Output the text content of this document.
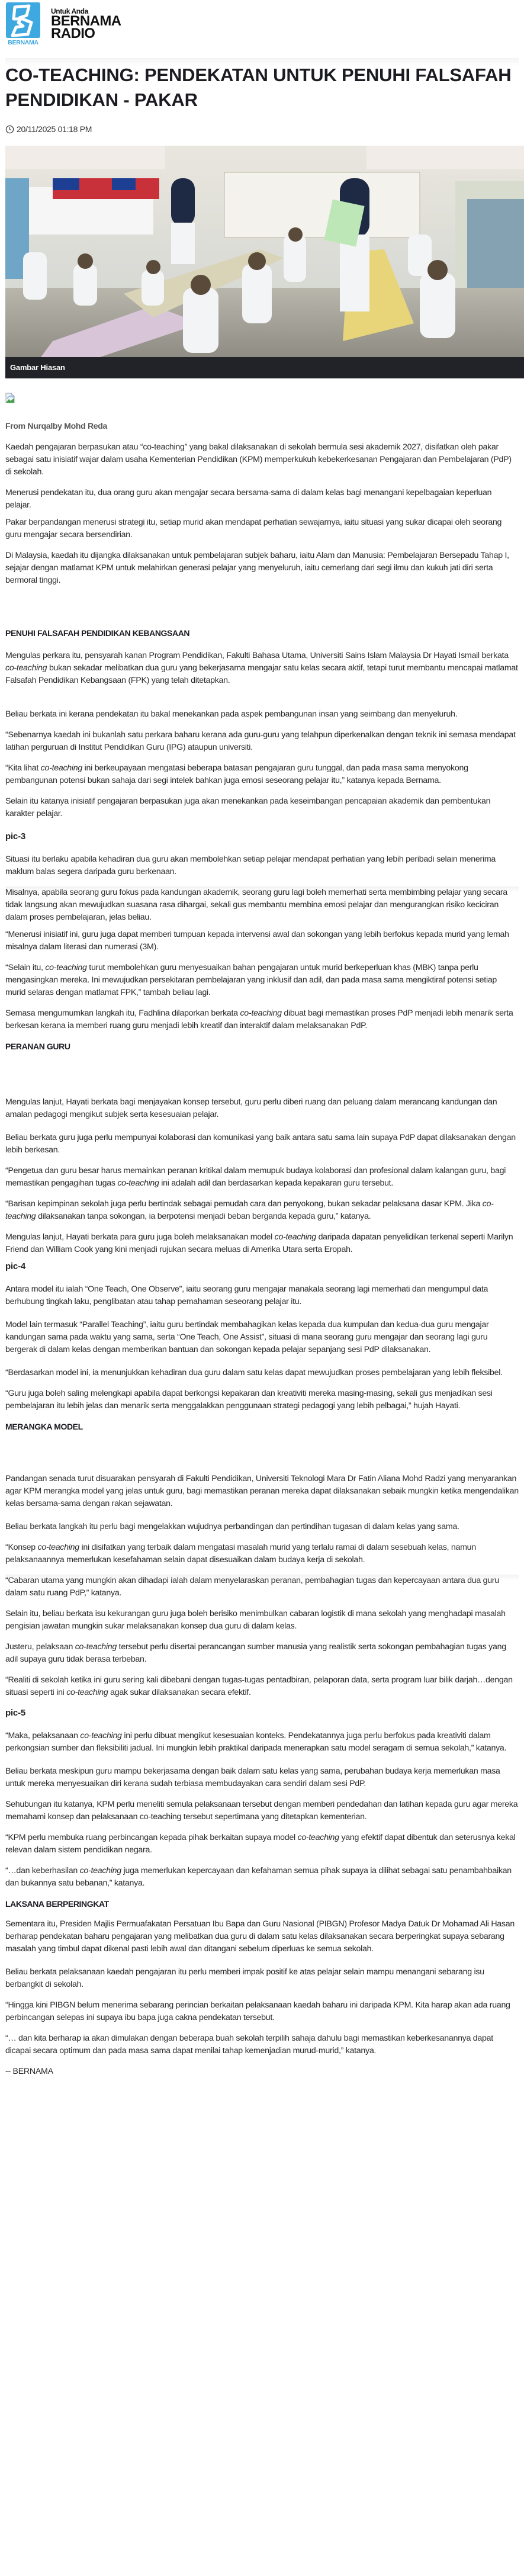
BERNAMA
Untuk Anda
BERNAMA
RADIO
CO-TEACHING: PENDEKATAN UNTUK PENUHI FALSAFAH PENDIDIKAN - PAKAR
20/11/2025 01:18 PM
Gambar Hiasan
From Nurqalby Mohd Reda

Kaedah pengajaran berpasukan atau “co-teaching” yang bakal dilaksanakan di sekolah bermula sesi akademik 2027, disifatkan oleh pakar sebagai satu inisiatif wajar dalam usaha Kementerian Pendidikan (KPM) memperkukuh kebekerkesanan Pengajaran dan Pembelajaran (PdP) di sekolah.

Menerusi pendekatan itu, dua orang guru akan mengajar secara bersama-sama di dalam kelas bagi menangani kepelbagaian keperluan pelajar.

Pakar berpandangan menerusi strategi itu, setiap murid akan mendapat perhatian sewajarnya, iaitu situasi yang sukar dicapai oleh seorang guru mengajar secara bersendirian.

Di Malaysia, kaedah itu dijangka dilaksanakan untuk pembelajaran subjek baharu, iaitu Alam dan Manusia: Pembelajaran Bersepadu Tahap I, sejajar dengan matlamat KPM untuk melahirkan generasi pelajar yang menyeluruh, iaitu cemerlang dari segi ilmu dan kukuh jati diri serta bermoral tinggi.

PENUHI FALSAFAH PENDIDIKAN KEBANGSAAN

Mengulas perkara itu, pensyarah kanan Program Pendidikan, Fakulti Bahasa Utama, Universiti Sains Islam Malaysia Dr Hayati Ismail berkata co-teaching bukan sekadar melibatkan dua guru yang bekerjasama mengajar satu kelas secara aktif, tetapi turut membantu mencapai matlamat Falsafah Pendidikan Kebangsaan (FPK) yang telah ditetapkan.

Beliau berkata ini kerana pendekatan itu bakal menekankan pada aspek pembangunan insan yang seimbang dan menyeluruh.

“Sebenarnya kaedah ini bukanlah satu perkara baharu kerana ada guru-guru yang telahpun diperkenalkan dengan teknik ini semasa mendapat latihan perguruan di Institut Pendidikan Guru (IPG) ataupun universiti.

“Kita lihat co-teaching ini berkeupayaan mengatasi beberapa batasan pengajaran guru tunggal, dan pada masa sama menyokong pembangunan potensi bukan sahaja dari segi intelek bahkan juga emosi seseorang pelajar itu,” katanya kepada Bernama.

Selain itu katanya inisiatif pengajaran berpasukan juga akan menekankan pada keseimbangan pencapaian akademik dan pembentukan karakter pelajar.

pic-3

Situasi itu berlaku apabila kehadiran dua guru akan membolehkan setiap pelajar mendapat perhatian yang lebih peribadi selain menerima maklum balas segera daripada guru berkenaan.

Misalnya, apabila seorang guru fokus pada kandungan akademik, seorang guru lagi boleh memerhati serta membimbing pelajar yang secara tidak langsung akan mewujudkan suasana rasa dihargai, sekali gus membantu membina emosi pelajar dan mengurangkan risiko keciciran dalam proses pembelajaran, jelas beliau.

“Menerusi inisiatif ini, guru juga dapat memberi tumpuan kepada intervensi awal dan sokongan yang lebih berfokus kepada murid yang lemah misalnya dalam literasi dan numerasi (3M).

“Selain itu, co-teaching turut membolehkan guru menyesuaikan bahan pengajaran untuk murid berkeperluan khas (MBK) tanpa perlu mengasingkan mereka. Ini mewujudkan persekitaran pembelajaran yang inklusif dan adil, dan pada masa sama mengiktiraf potensi setiap murid selaras dengan matlamat FPK,” tambah beliau lagi.

Semasa mengumumkan langkah itu, Fadhlina dilaporkan berkata co-teaching dibuat bagi memastikan proses PdP menjadi lebih menarik serta berkesan kerana ia memberi ruang guru menjadi lebih kreatif dan interaktif dalam melaksanakan PdP.

PERANAN GURU

Mengulas lanjut, Hayati berkata bagi menjayakan konsep tersebut, guru perlu diberi ruang dan peluang dalam merancang kandungan dan amalan pedagogi mengikut subjek serta kesesuaian pelajar.

Beliau berkata guru juga perlu mempunyai kolaborasi dan komunikasi yang baik antara satu sama lain supaya PdP dapat dilaksanakan dengan lebih berkesan.

“Pengetua dan guru besar harus memainkan peranan kritikal dalam memupuk budaya kolaborasi dan profesional dalam kalangan guru, bagi memastikan pengagihan tugas co-teaching ini adalah adil dan berdasarkan kepada kepakaran guru tersebut.

“Barisan kepimpinan sekolah juga perlu bertindak sebagai pemudah cara dan penyokong, bukan sekadar pelaksana dasar KPM. Jika co-teaching dilaksanakan tanpa sokongan, ia berpotensi menjadi beban berganda kepada guru,” katanya.

Mengulas lanjut, Hayati berkata para guru juga boleh melaksanakan model co-teaching daripada dapatan penyelidikan terkenal seperti Marilyn Friend dan William Cook yang kini menjadi rujukan secara meluas di Amerika Utara serta Eropah.

pic-4

Antara model itu ialah “One Teach, One Observe”, iaitu seorang guru mengajar manakala seorang lagi memerhati dan mengumpul data berhubung tingkah laku, penglibatan atau tahap pemahaman seseorang pelajar itu.

Model lain termasuk “Parallel Teaching”, iaitu guru bertindak membahagikan kelas kepada dua kumpulan dan kedua-dua guru mengajar kandungan sama pada waktu yang sama, serta “One Teach, One Assist”, situasi di mana seorang guru mengajar dan seorang lagi guru bergerak di dalam kelas dengan memberikan bantuan dan sokongan kepada pelajar sepanjang sesi PdP dilaksanakan.

“Berdasarkan model ini, ia menunjukkan kehadiran dua guru dalam satu kelas dapat mewujudkan proses pembelajaran yang lebih fleksibel.

“Guru juga boleh saling melengkapi apabila dapat berkongsi kepakaran dan kreativiti mereka masing-masing, sekali gus menjadikan sesi pembelajaran itu lebih jelas dan menarik serta menggalakkan penggunaan strategi pedagogi yang lebih pelbagai,” hujah Hayati.

MERANGKA MODEL

Pandangan senada turut disuarakan pensyarah di Fakulti Pendidikan, Universiti Teknologi Mara Dr Fatin Aliana Mohd Radzi yang menyarankan agar KPM merangka model yang jelas untuk guru, bagi memastikan peranan mereka dapat dilaksanakan sebaik mungkin ketika mengendalikan kelas bersama-sama dengan rakan sejawatan.

Beliau berkata langkah itu perlu bagi mengelakkan wujudnya perbandingan dan pertindihan tugasan di dalam kelas yang sama.

“Konsep co-teaching ini disifatkan yang terbaik dalam mengatasi masalah murid yang terlalu ramai di dalam sesebuah kelas, namun pelaksanaannya memerlukan kesefahaman selain dapat disesuaikan dalam budaya kerja di sekolah.

“Cabaran utama yang mungkin akan dihadapi ialah dalam menyelaraskan peranan, pembahagian tugas dan kepercayaan antara dua guru dalam satu ruang PdP,” katanya.

Selain itu, beliau berkata isu kekurangan guru juga boleh berisiko menimbulkan cabaran logistik di mana sekolah yang menghadapi masalah pengisian jawatan mungkin sukar melaksanakan konsep dua guru di dalam kelas.

Justeru, pelaksaan co-teaching tersebut perlu disertai perancangan sumber manusia yang realistik serta sokongan pembahagian tugas yang adil supaya guru tidak berasa terbeban.

“Realiti di sekolah ketika ini guru sering kali dibebani dengan tugas-tugas pentadbiran, pelaporan data, serta program luar bilik darjah…dengan situasi seperti ini co-teaching agak sukar dilaksanakan secara efektif.

pic-5

“Maka, pelaksanaan co-teaching ini perlu dibuat mengikut kesesuaian konteks. Pendekatannya juga perlu berfokus pada kreativiti dalam perkongsian sumber dan fleksibiliti jadual. Ini mungkin lebih praktikal daripada menerapkan satu model seragam di semua sekolah,” katanya.

Beliau berkata meskipun guru mampu bekerjasama dengan baik dalam satu kelas yang sama, perubahan budaya kerja memerlukan masa untuk mereka menyesuaikan diri kerana sudah terbiasa membudayakan cara sendiri dalam sesi PdP.

Sehubungan itu katanya, KPM perlu meneliti semula pelaksanaan tersebut dengan memberi pendedahan dan latihan kepada guru agar mereka memahami konsep dan pelaksanaan co-teaching tersebut sepertimana yang ditetapkan kementerian.

“KPM perlu membuka ruang perbincangan kepada pihak berkaitan supaya model co-teaching yang efektif dapat dibentuk dan seterusnya kekal relevan dalam sistem pendidikan negara.

“…dan keberhasilan co-teaching juga memerlukan kepercayaan dan kefahaman semua pihak supaya ia dilihat sebagai satu penambahbaikan dan bukannya satu bebanan,” katanya.

LAKSANA BERPERINGKAT

Sementara itu, Presiden Majlis Permuafakatan Persatuan Ibu Bapa dan Guru Nasional (PIBGN) Profesor Madya Datuk Dr Mohamad Ali Hasan berharap pendekatan baharu pengajaran yang melibatkan dua guru di dalam satu kelas dilaksanakan secara berperingkat supaya sebarang masalah yang timbul dapat dikenal pasti lebih awal dan ditangani sebelum diperluas ke semua sekolah.

Beliau berkata pelaksanaan kaedah pengajaran itu perlu memberi impak positif ke atas pelajar selain mampu menangani sebarang isu berbangkit di sekolah.

“Hingga kini PIBGN belum menerima sebarang perincian berkaitan pelaksanaan kaedah baharu ini daripada KPM. Kita harap akan ada ruang perbincangan selepas ini supaya ibu bapa juga cakna pendekatan tersebut.

“… dan kita berharap ia akan dimulakan dengan beberapa buah sekolah terpilih sahaja dahulu bagi memastikan keberkesanannya dapat dicapai secara optimum dan pada masa sama dapat menilai tahap kemenjadian murud-murid,” katanya.

-- BERNAMA
